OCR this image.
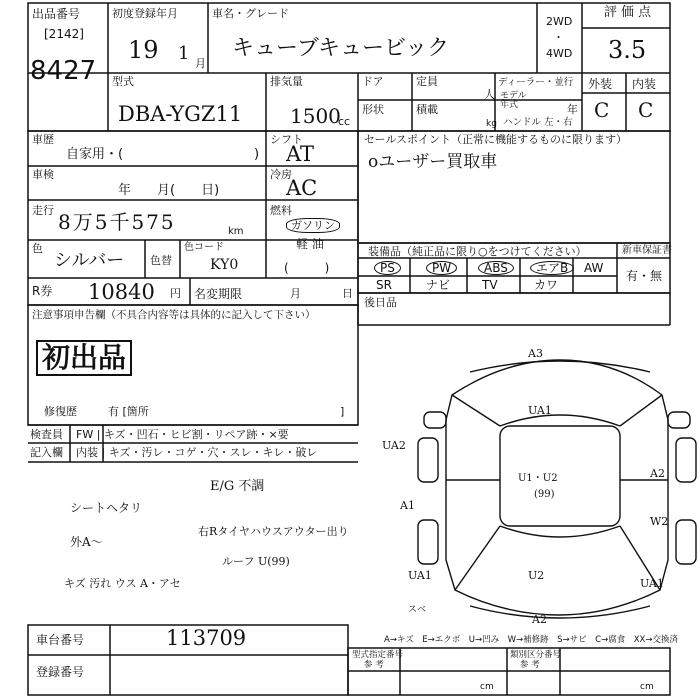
出品番号
[2142]
8427
初度登録年月
19 1 月
車名・グレード
キューブキュービック
2WD
・
4WD
評価点
3.5
型式
DBA-YGZ11
排気量
1500
cc
ドア	定員
人
形状	積載
kg
ディーラー・並行
モデル年式	年
ハンドル 左・右
外装 内装
C C
車歴
自家用・(	)
シフト
AT
車検
年　　月(　　日)
冷房
AC
走行 8万5千575	km
燃料
ガソリン
軽 油
(　　　)
色
シルバー 色替
色コード
KY0
R券 10840 円 名変期限	月	日
セールスポイント（正常に機能するものに限ります）
oユーザー買取車
装備品（純正品に限り○をつけてください）	新車保証書
有・無
PS	PW	ABS	エアB	AW
SR	ナビ	TV	カワ
後日品
注意事項申告欄（不具合内容等は具体的に記入して下さい）
初出品
修復歴	有 [箇所	]
検査員 FW | キズ・凹石・ヒビ割・リペア跡・×要
記入欄 内装 | キズ・汚レ・コゲ・穴・スレ・キレ・破レ
E/G 不調
シートヘタリ
外A～
右Rタイヤハウスアウター出り
ルーフ U(99)
キズ 汚れ ウス A・アセ
A3
UA1
UA2
U1・U2
(99)
A1
A2
W2
UA1	U2
UA1
A2
スベ
A→キズ　E→エクボ　U→凹み　W→補修跡　S→サビ　C→腐食　XX→交換済
車台番号	113709
登録番号
型式指定番号
参 考
類別区分番号
参 考
cm	cm
